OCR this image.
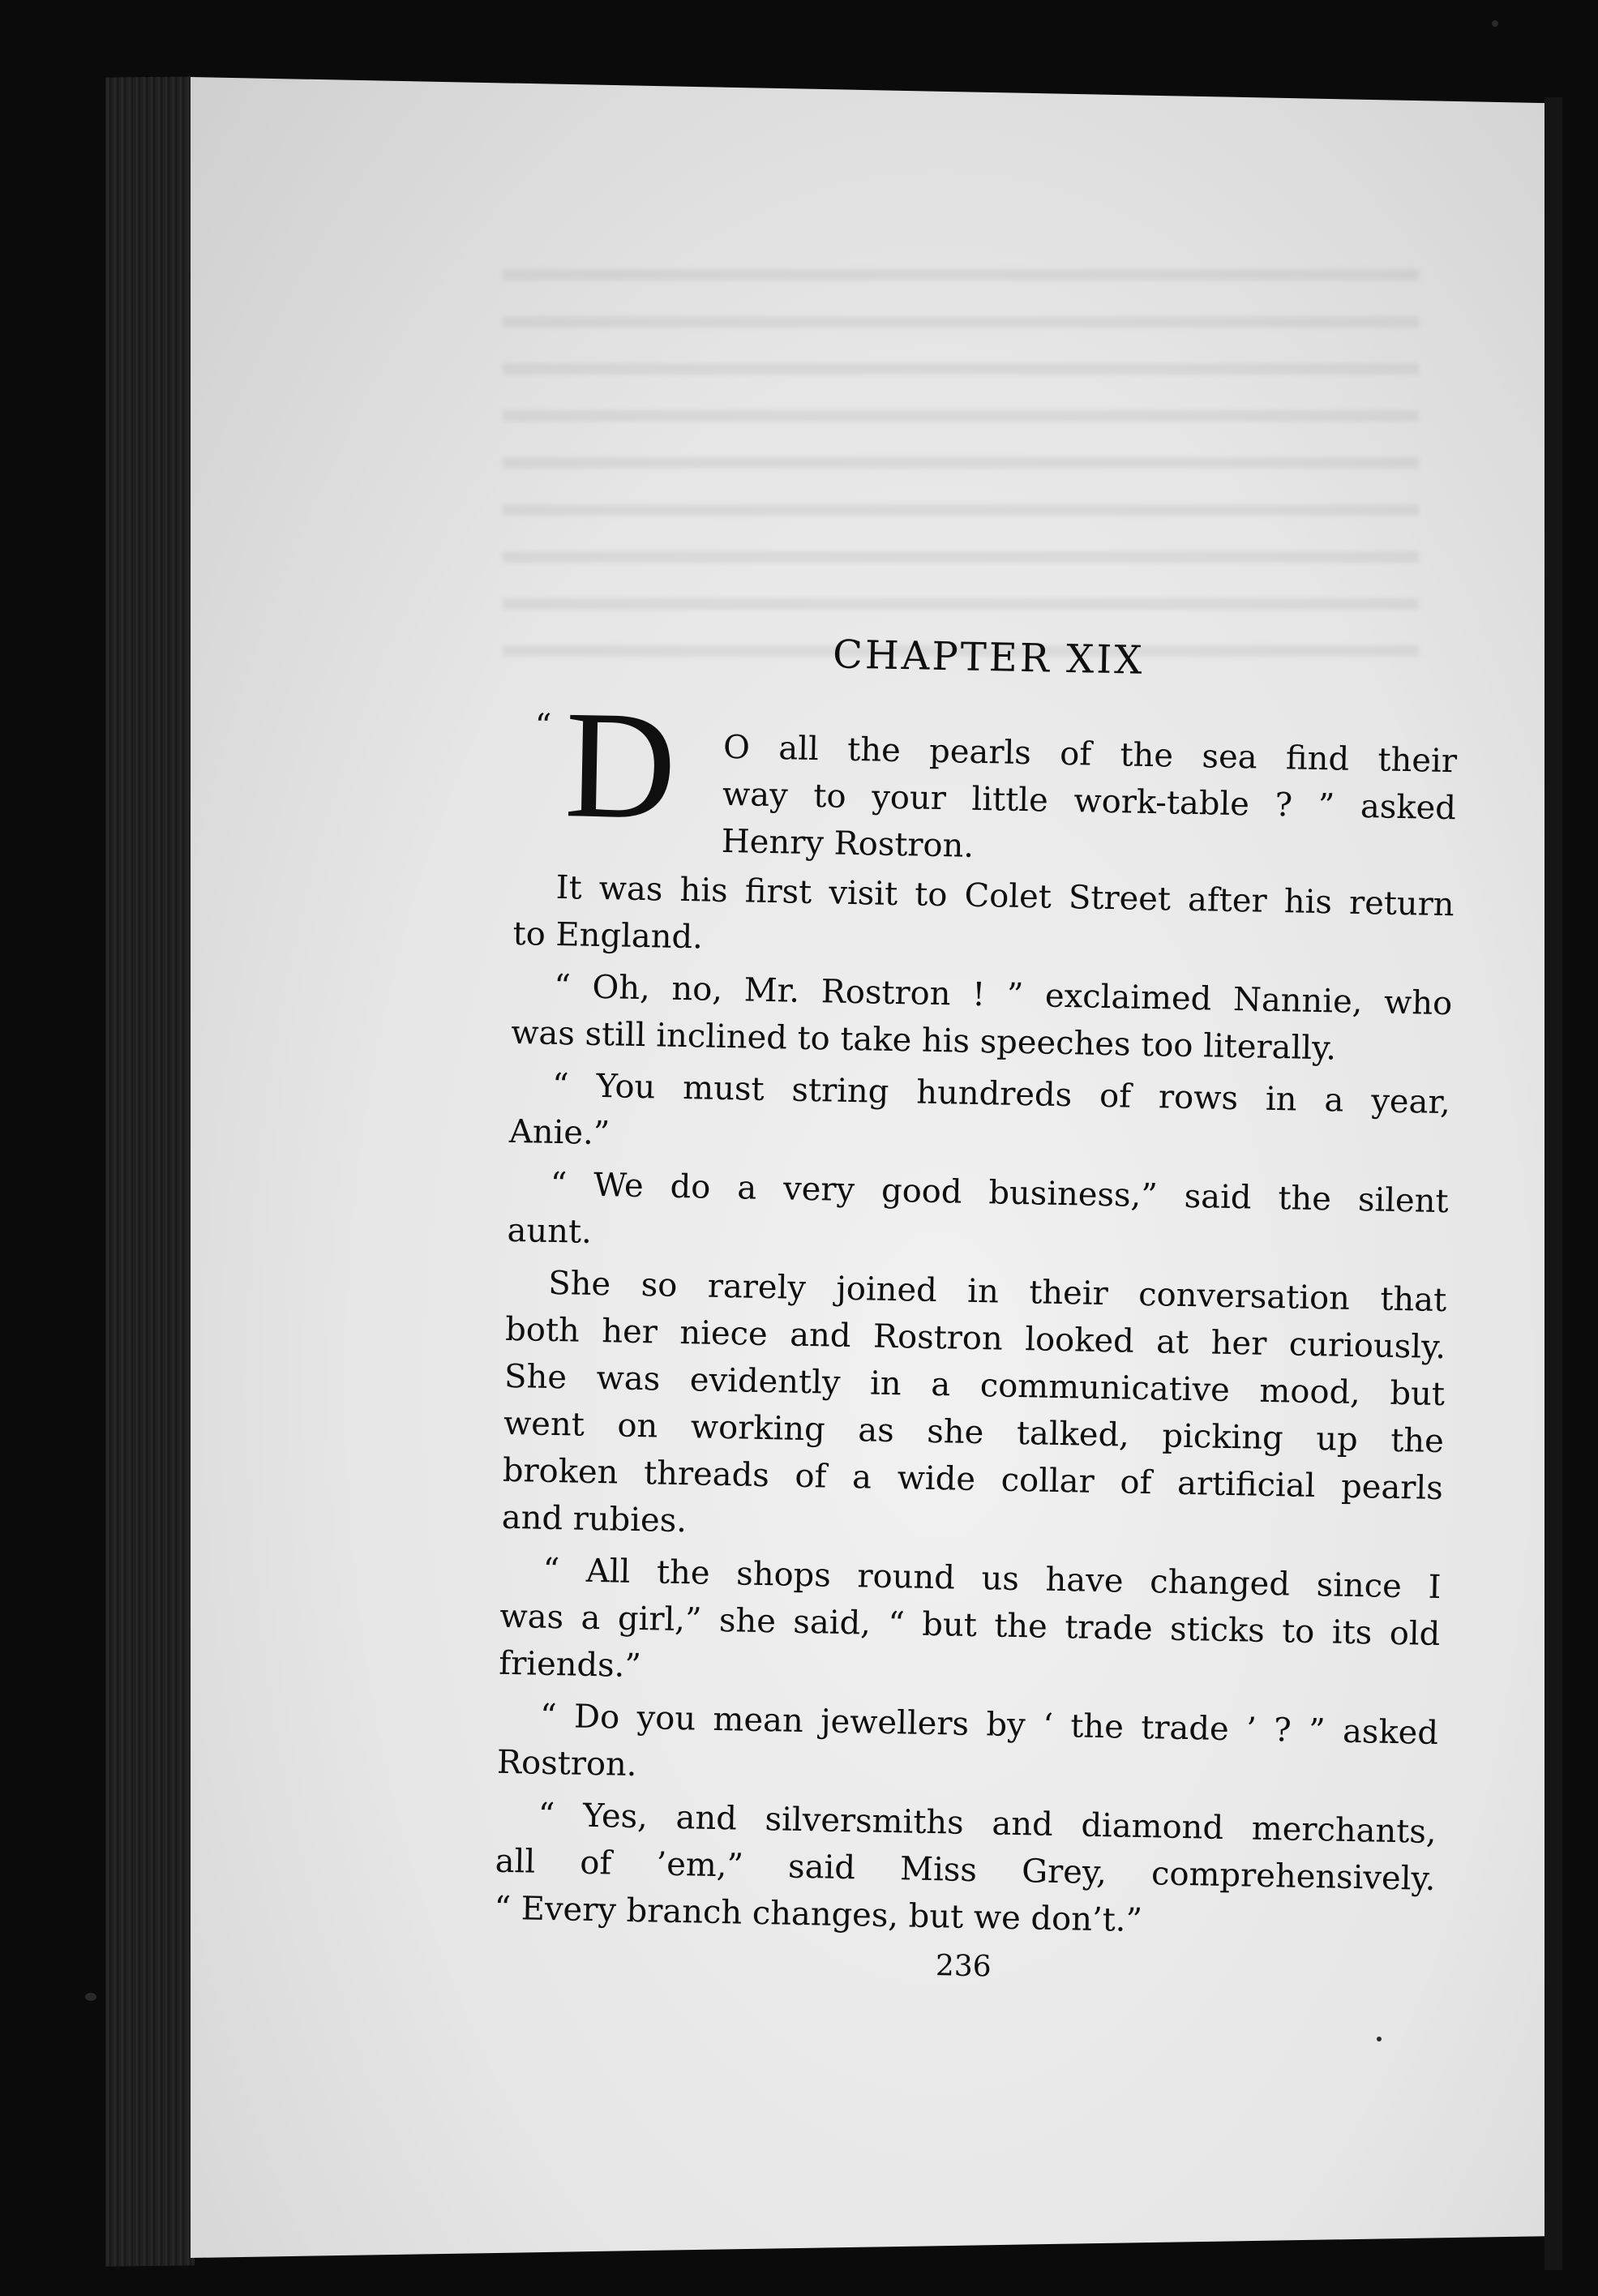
CHAPTER XIX
“ D O all the pearls of the sea find their
way to your little work-table ? ” asked
Henry Rostron.
It was his first visit to Colet Street after his return
to England.
“ Oh, no, Mr. Rostron ! ” exclaimed Nannie, who
was still inclined to take his speeches too literally.
“ You must string hundreds of rows in a year,
Anie.”
“ We do a very good business,” said the silent
aunt.
She so rarely joined in their conversation that
both her niece and Rostron looked at her curiously.
She was evidently in a communicative mood, but
went on working as she talked, picking up the
broken threads of a wide collar of artificial pearls
and rubies.
“ All the shops round us have changed since I
was a girl,” she said, “ but the trade sticks to its old
friends.”
“ Do you mean jewellers by ‘ the trade ’ ? ” asked
Rostron.
“ Yes, and silversmiths and diamond merchants,
all of ’em,” said Miss Grey, comprehensively.
“ Every branch changes, but we don’t.”
236
